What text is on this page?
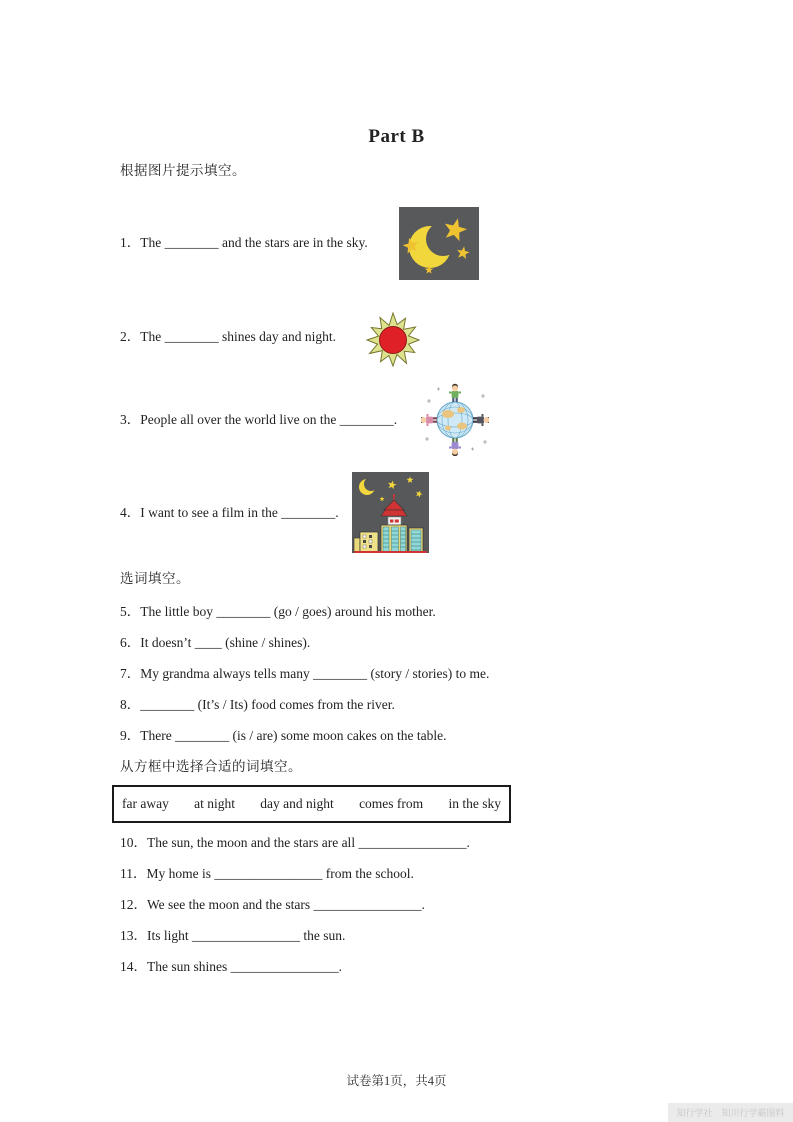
Part B
根据图片提示填空。
1．The ________ and the stars are in the sky.
2．The ________ shines day and night.
3．People all over the world live on the ________.
4．I want to see a film in the ________.
选词填空。
5．The little boy ________ (go / goes) around his mother.
6．It doesn’t ____ (shine / shines).
7．My grandma always tells many ________ (story / stories) to me.
8．________ (It’s / Its) food comes from the river.
9．There ________ (is / are) some moon cakes on the table.
从方框中选择合适的词填空。
far away at night day and night comes from in the sky
10．The sun, the moon and the stars are all ________________.
11．My home is ________________ from the school.
12．We see the moon and the stars ________________.
13．Its light ________________ the sun.
14．The sun shines ________________.
试卷第1页，共4页
知行学社 知川行学霸图料
